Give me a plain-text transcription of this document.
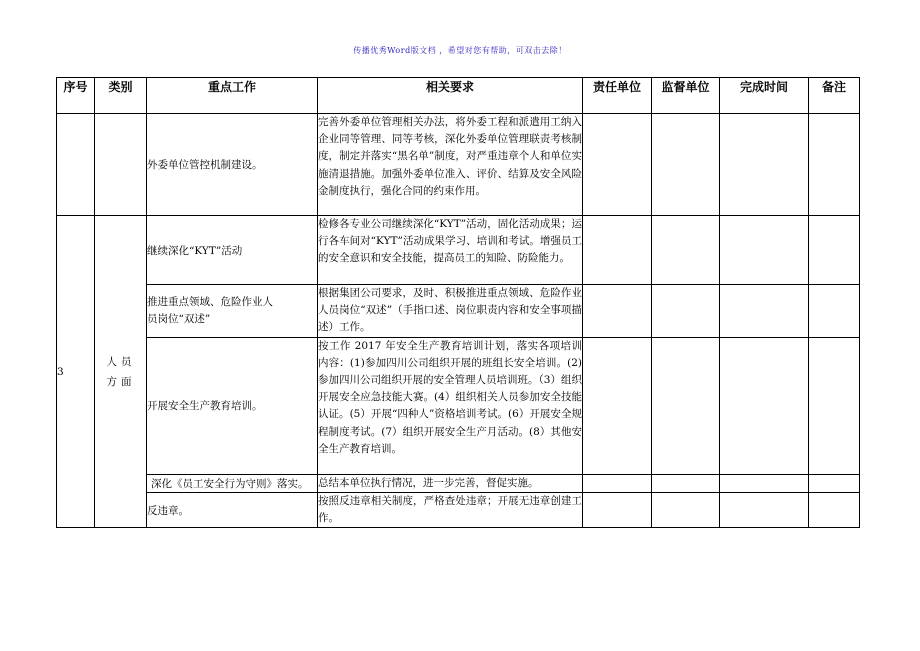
传播优秀Word版文档 ，希望对您有帮助，可双击去除！
序号	类别	重点工作	相关要求	责任单位	监督单位	完成时间	备注
		外委单位管控机制建设。	完善外委单位管理相关办法，将外委工程和派遣用工纳入企业同等管理、同等考核，深化外委单位管理联责考核制度，制定并落实“黑名单”制度，对严重违章个人和单位实施清退措施。加强外委单位准入、评价、结算及安全风险金制度执行，强化合同的约束作用。				
3	人员方面	继续深化“KYT”活动	检修各专业公司继续深化“KYT”活动，固化活动成果；运行各车间对“KYT”活动成果学习、培训和考试。增强员工的安全意识和安全技能，提高员工的知险、防险能力。				
		推进重点领域、危险作业人员岗位“双述”	根据集团公司要求，及时、积极推进重点领域、危险作业人员岗位“双述”（手指口述、岗位职责内容和安全事项描述）工作。				
		开展安全生产教育培训。	按工作 2017 年安全生产教育培训计划，落实各项培训内容：(1)参加四川公司组织开展的班组长安全培训。(2)参加四川公司组织开展的安全管理人员培训班。（3）组织开展安全应急技能大赛。(4）组织相关人员参加安全技能认证。(5）开展“四种人”资格培训考试。(6）开展安全规程制度考试。(7）组织开展安全生产月活动。(8）其他安全生产教育培训。				
		深化《员工安全行为守则》落实。	总结本单位执行情况，进一步完善，督促实施。				
		反违章。	按照反违章相关制度，严格查处违章；开展无违章创建工作。				
